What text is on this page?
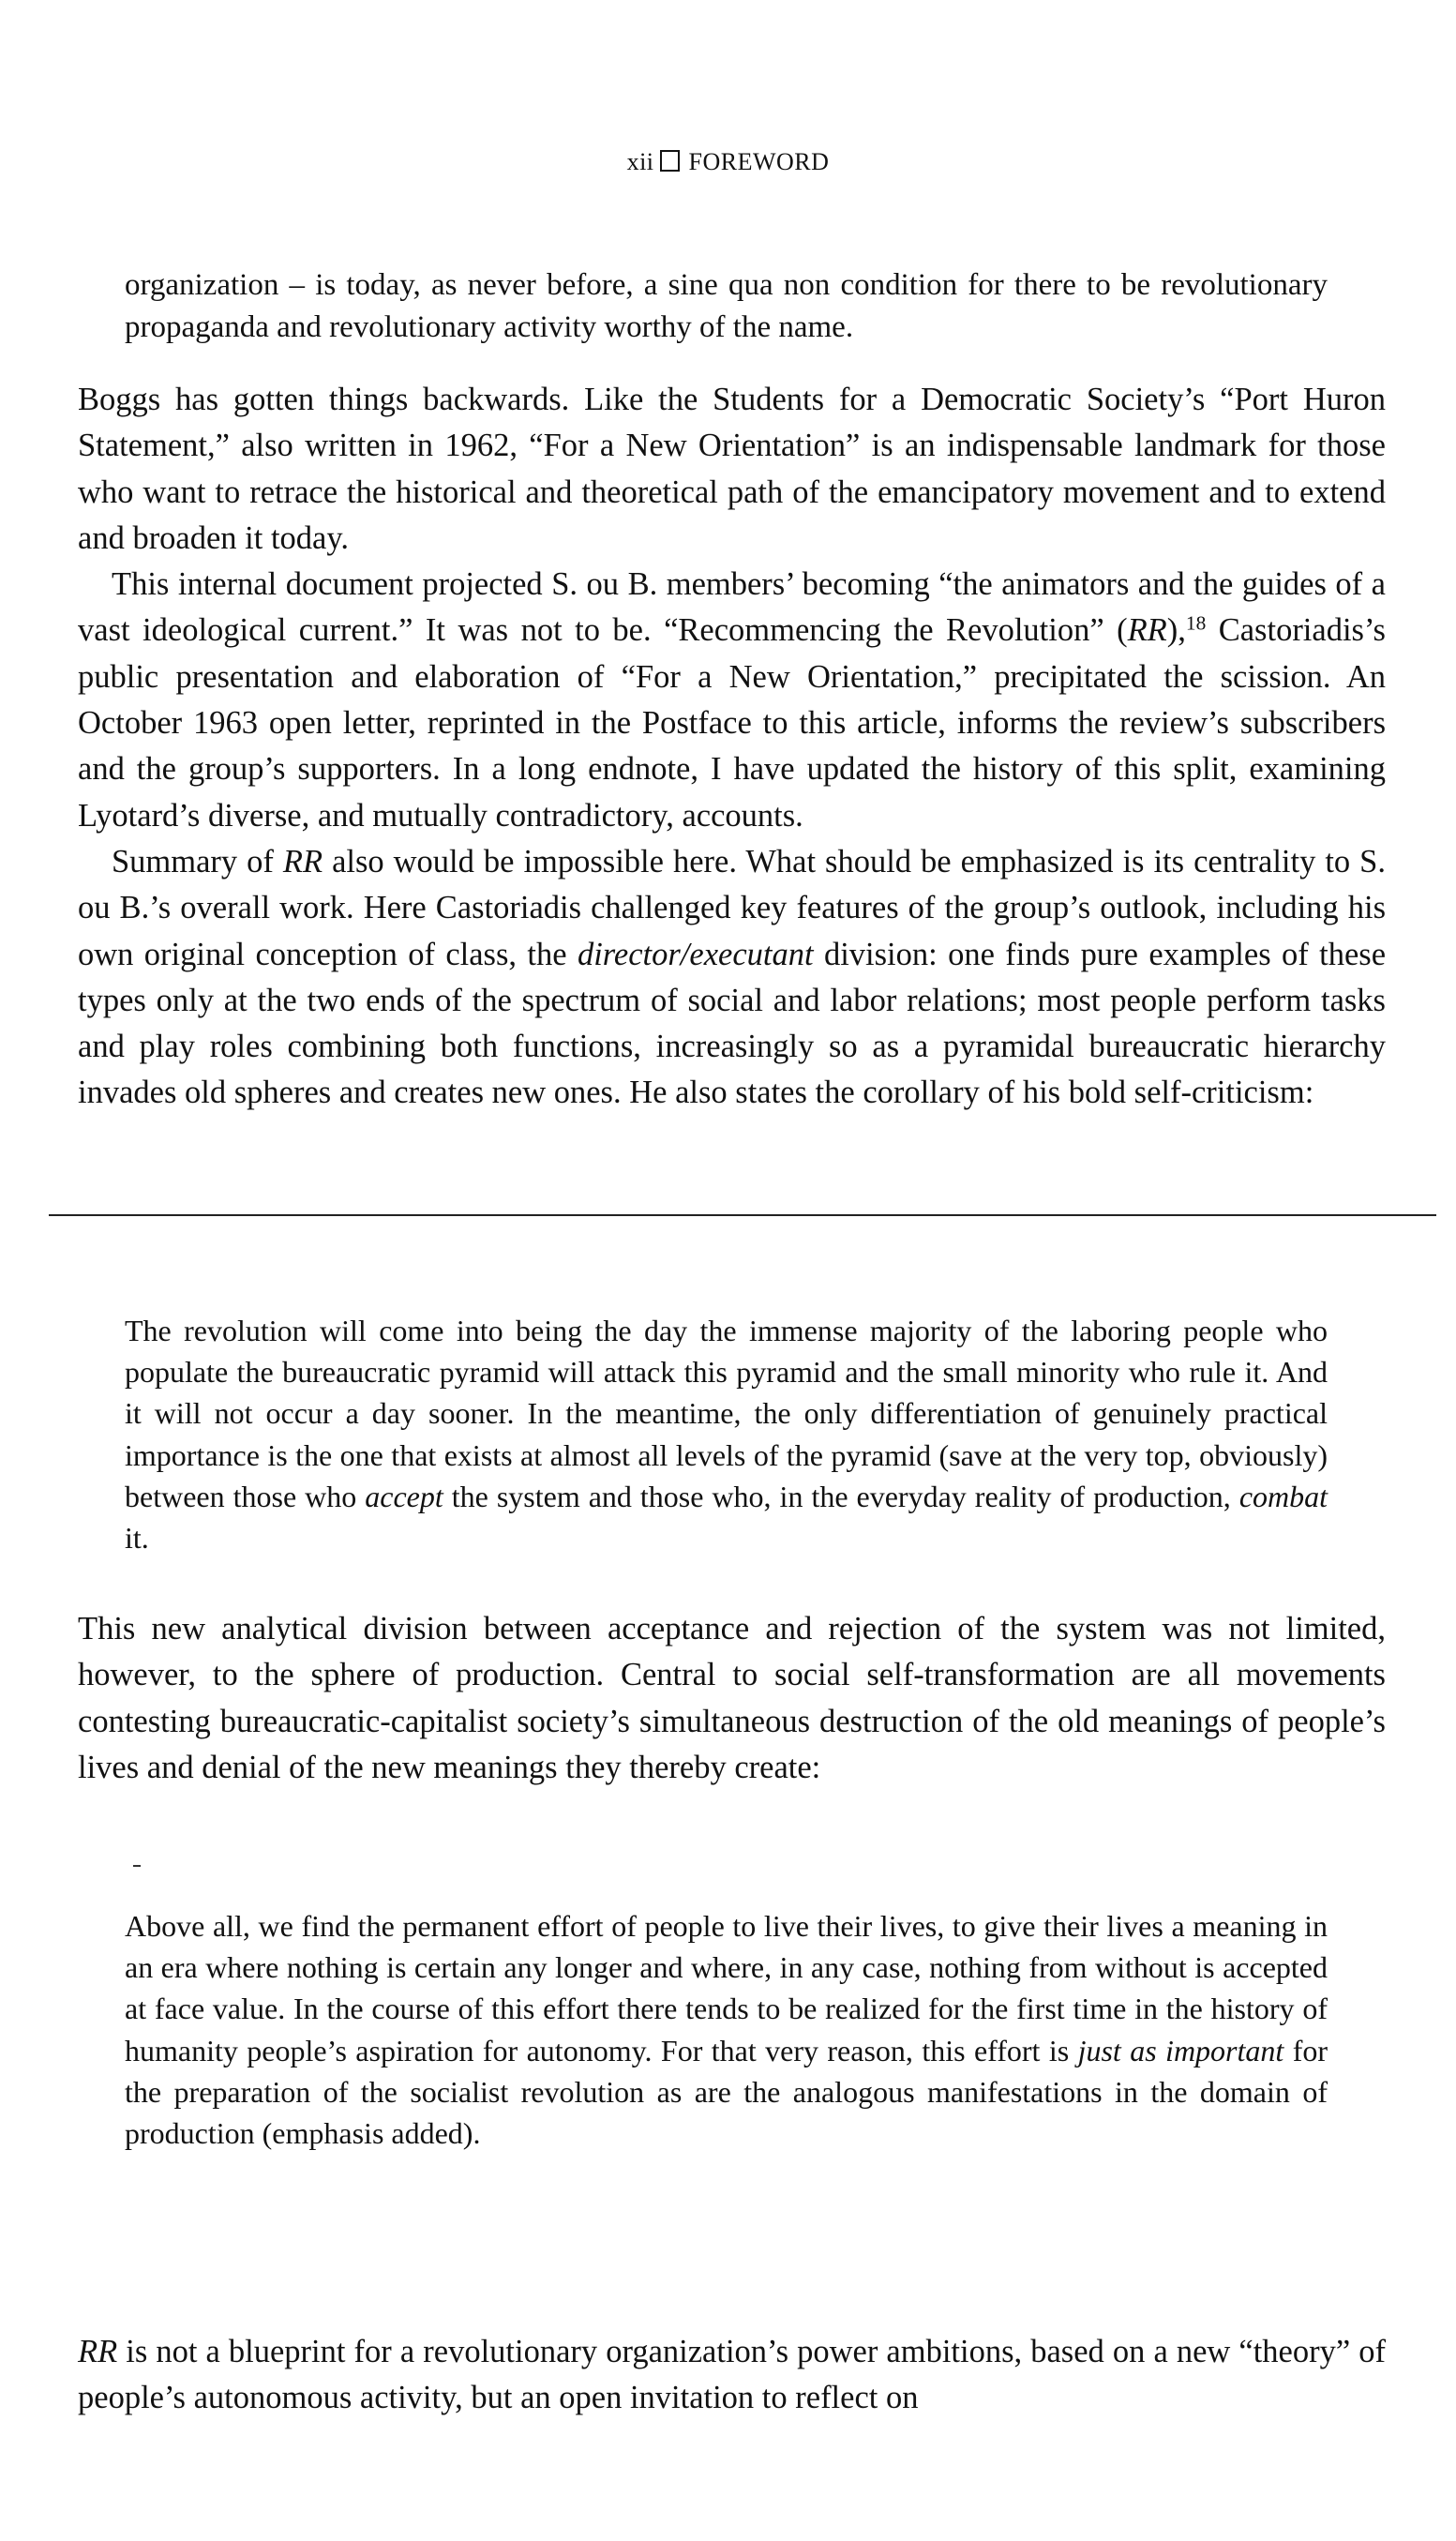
xii FOREWORD

organization – is today, as never before, a sine qua non condition for there to be revolutionary propaganda and revolutionary activity worthy of the name.

Boggs has gotten things backwards. Like the Students for a Democratic Society’s “Port Huron Statement,” also written in 1962, “For a New Orientation” is an indispensable landmark for those who want to retrace the historical and theoretical path of the emancipatory movement and to extend and broaden it today.

This internal document projected S. ou B. members’ becoming “the animators and the guides of a vast ideological current.” It was not to be. “Recommencing the Revolution” (RR),$^{18}$ Castoriadis’s public presentation and elaboration of “For a New Orientation,” precipitated the scission. An October 1963 open letter, reprinted in the Postface to this article, informs the review’s subscribers and the group’s supporters. In a long endnote, I have updated the history of this split, examining Lyotard’s diverse, and mutually contradictory, accounts.

Summary of RR also would be impossible here. What should be emphasized is its centrality to S. ou B.’s overall work. Here Castoriadis challenged key features of the group’s outlook, including his own original conception of class, the director/executant division: one finds pure examples of these types only at the two ends of the spectrum of social and labor relations; most people perform tasks and play roles combining both functions, increasingly so as a pyramidal bureaucratic hierarchy invades old spheres and creates new ones. He also states the corollary of his bold self-criticism:

The revolution will come into being the day the immense majority of the laboring people who populate the bureaucratic pyramid will attack this pyramid and the small minority who rule it. And it will not occur a day sooner. In the meantime, the only differentiation of genuinely practical importance is the one that exists at almost all levels of the pyramid (save at the very top, obviously) between those who accept the system and those who, in the everyday reality of production, combat it.

This new analytical division between acceptance and rejection of the system was not limited, however, to the sphere of production. Central to social self-transformation are all movements contesting bureaucratic-capitalist society’s simultaneous destruction of the old meanings of people’s lives and denial of the new meanings they thereby create:

Above all, we find the permanent effort of people to live their lives, to give their lives a meaning in an era where nothing is certain any longer and where, in any case, nothing from without is accepted at face value. In the course of this effort there tends to be realized for the first time in the history of humanity people’s aspiration for autonomy. For that very reason, this effort is just as important for the preparation of the socialist revolution as are the analogous manifestations in the domain of production (emphasis added).

RR is not a blueprint for a revolutionary organization’s power ambitions, based on a new “theory” of people’s autonomous activity, but an open invitation to reflect on
